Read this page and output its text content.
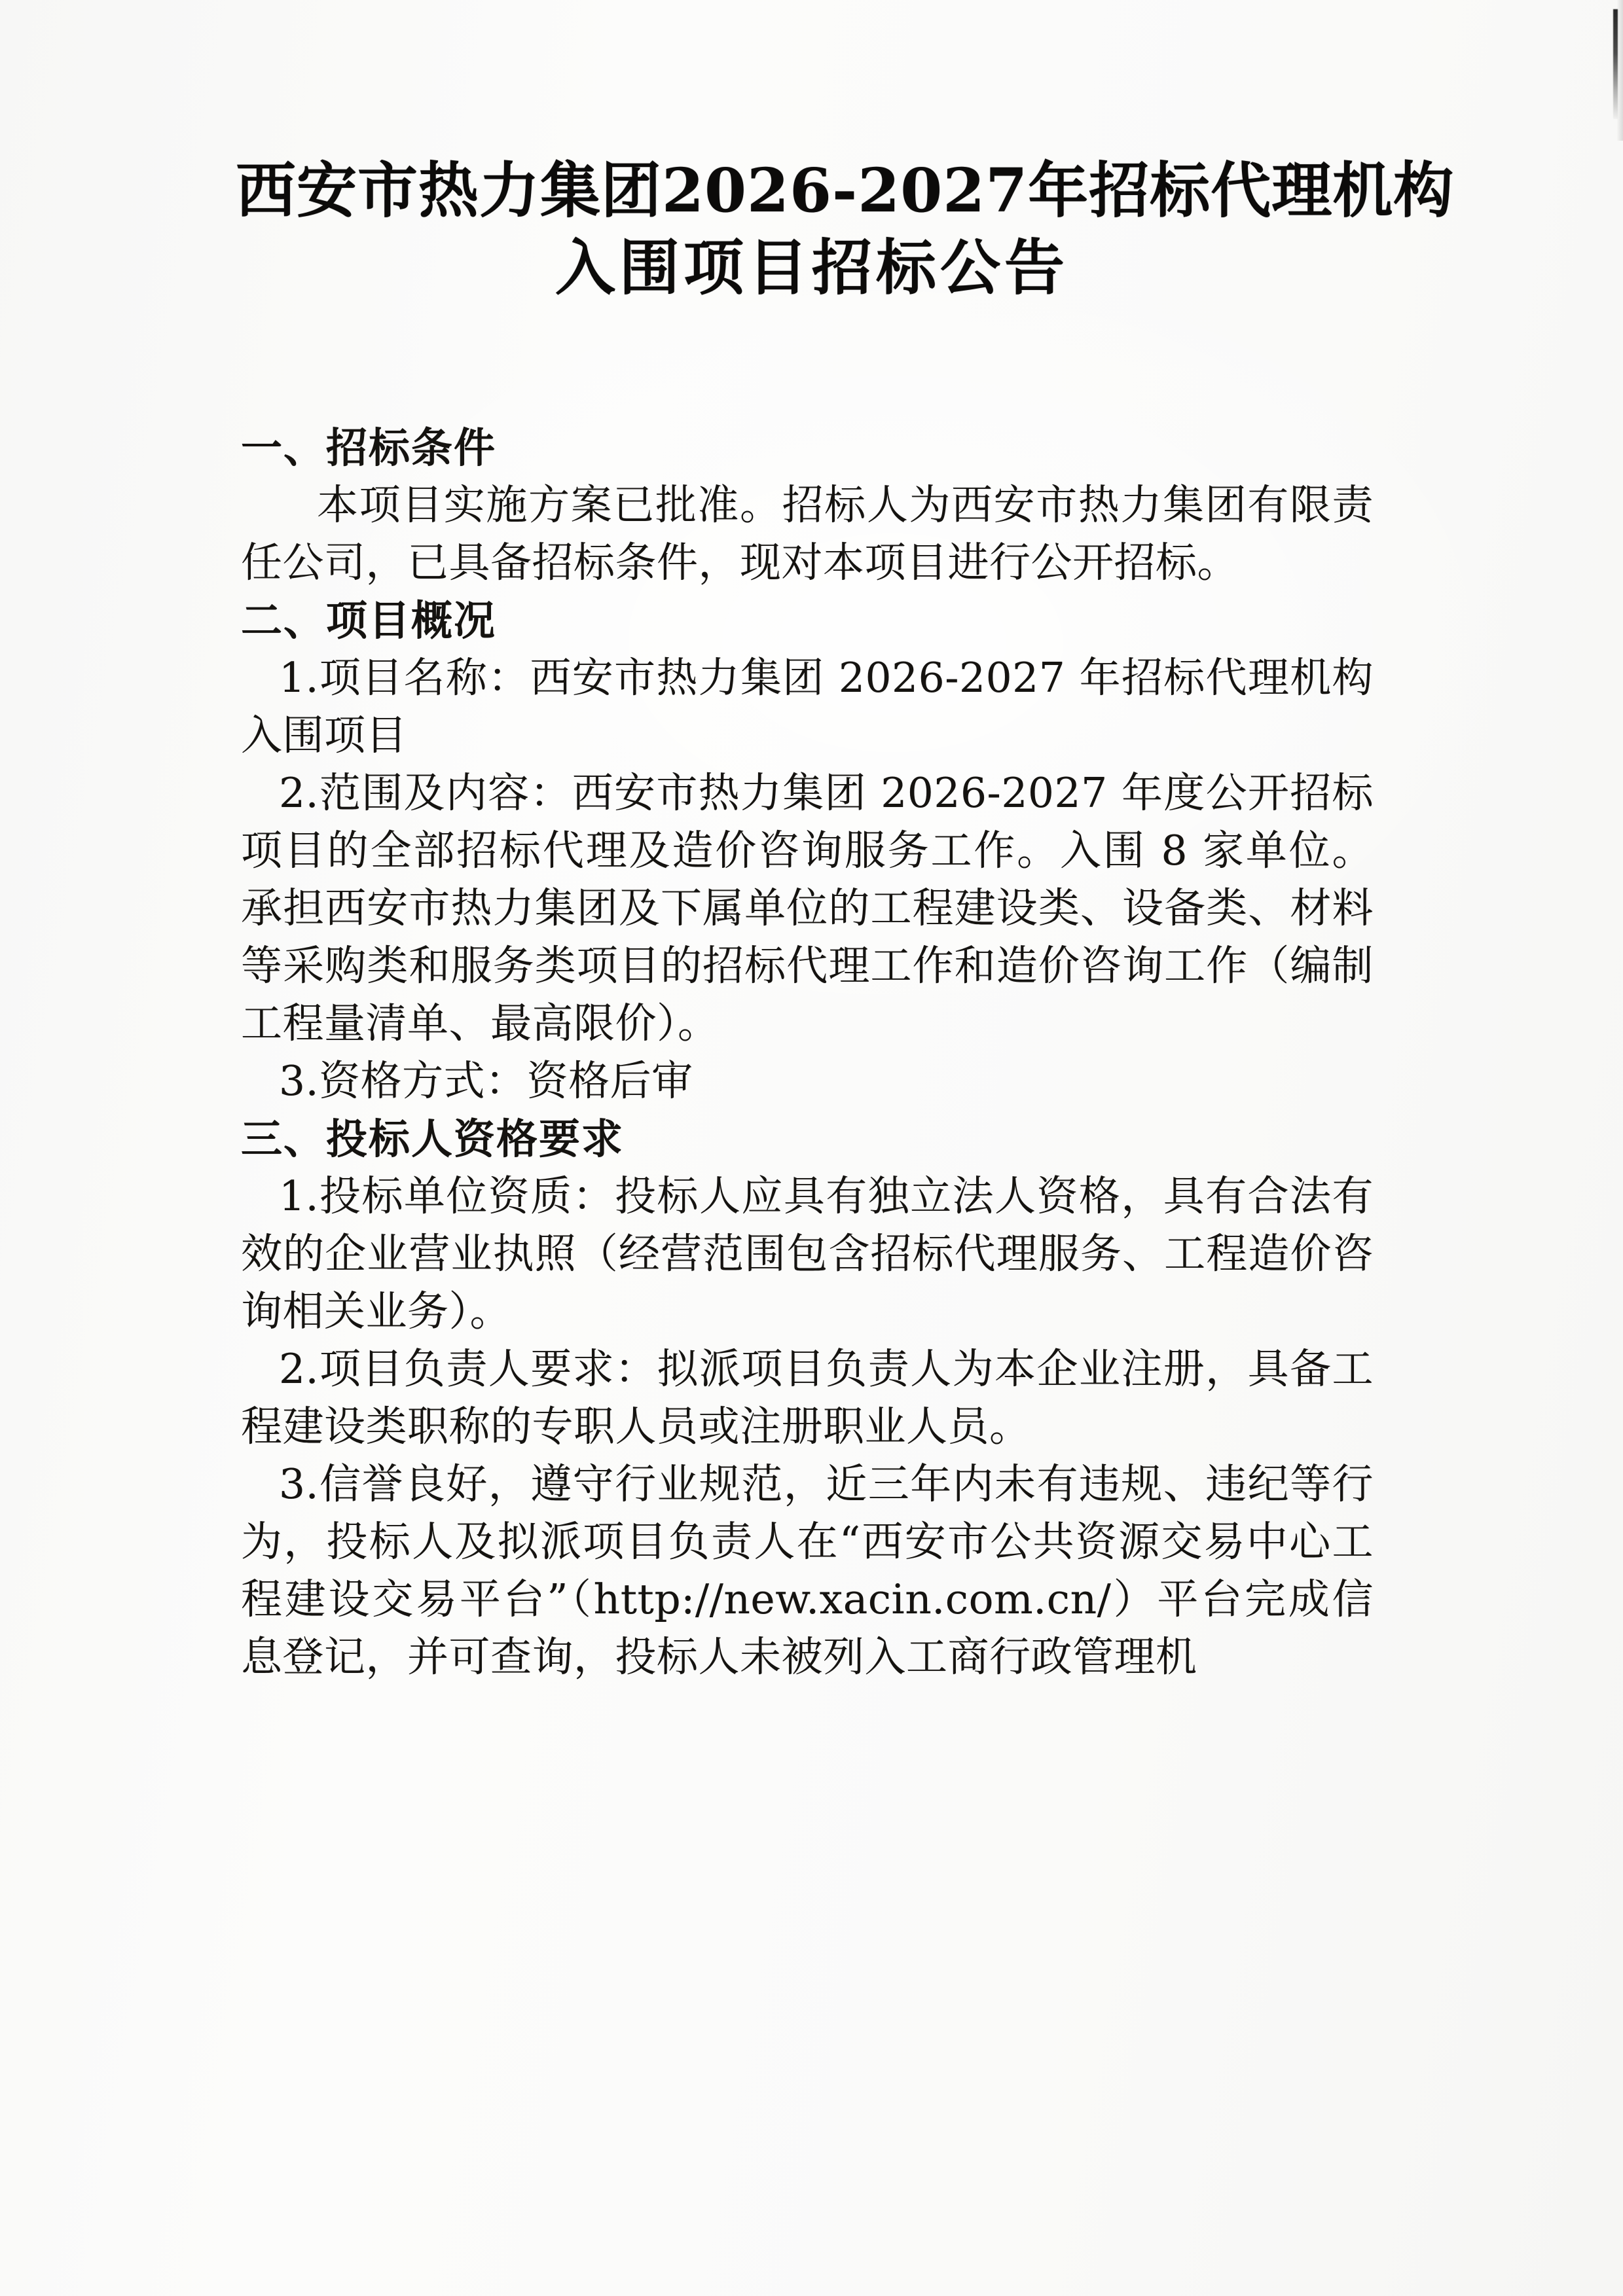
西安市热力集团2026-2027年招标代理机构
入围项目招标公告

一、招标条件

本项目实施方案已批准。招标人为西安市热力集团有限责任公司，已具备招标条件，现对本项目进行公开招标。

二、项目概况

1.项目名称：西安市热力集团 2026-2027 年招标代理机构入围项目

2.范围及内容：西安市热力集团 2026-2027 年度公开招标项目的全部招标代理及造价咨询服务工作。入围 8 家单位。承担西安市热力集团及下属单位的工程建设类、设备类、材料等采购类和服务类项目的招标代理工作和造价咨询工作（编制工程量清单、最高限价）。

3.资格方式：资格后审

三、投标人资格要求

1.投标单位资质：投标人应具有独立法人资格，具有合法有效的企业营业执照（经营范围包含招标代理服务、工程造价咨询相关业务）。

2.项目负责人要求：拟派项目负责人为本企业注册，具备工程建设类职称的专职人员或注册职业人员。

3.信誉良好，遵守行业规范，近三年内未有违规、违纪等行为，投标人及拟派项目负责人在“西安市公共资源交易中心工程建设交易平台”（http://new.xacin.com.cn/）平台完成信息登记，并可查询，投标人未被列入工商行政管理机
